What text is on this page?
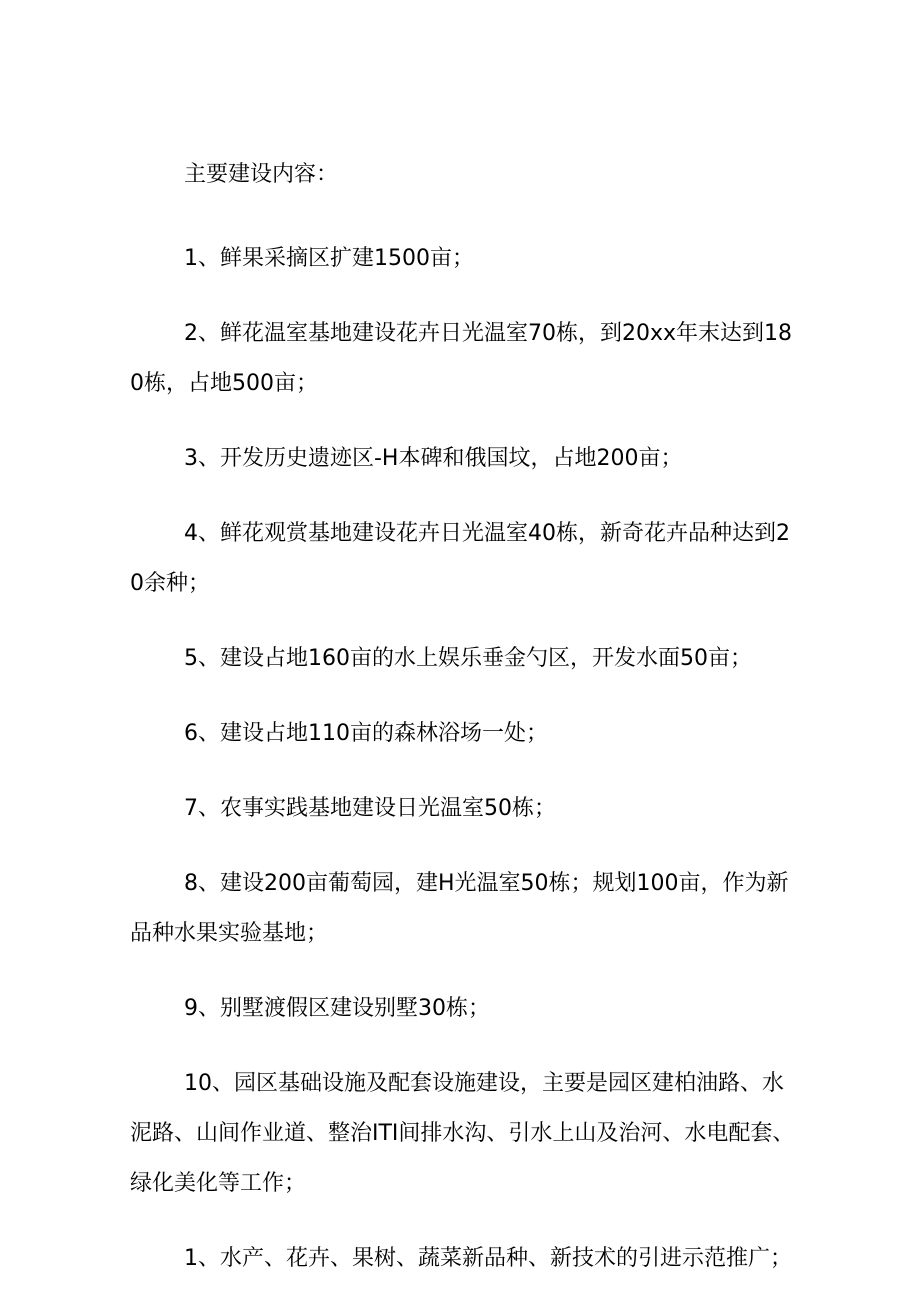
主要建设内容：

1、鲜果采摘区扩建1500亩；

2、鲜花温室基地建设花卉日光温室70栋，到20xx年末达到180栋，占地500亩；

3、开发历史遗迹区-H本碑和俄国坟，占地200亩；

4、鲜花观赏基地建设花卉日光温室40栋，新奇花卉品种达到20余种；

5、建设占地160亩的水上娱乐垂金勺区，开发水面50亩；

6、建设占地110亩的森林浴场一处；

7、农事实践基地建设日光温室50栋；

8、建设200亩葡萄园，建H光温室50栋；规划100亩，作为新品种水果实验基地；

9、别墅渡假区建设别墅30栋；

10、园区基础设施及配套设施建设，主要是园区建柏油路、水泥路、山间作业道、整治ITI间排水沟、引水上山及治河、水电配套、绿化美化等工作；

1、水产、花卉、果树、蔬菜新品种、新技术的引进示范推广；
